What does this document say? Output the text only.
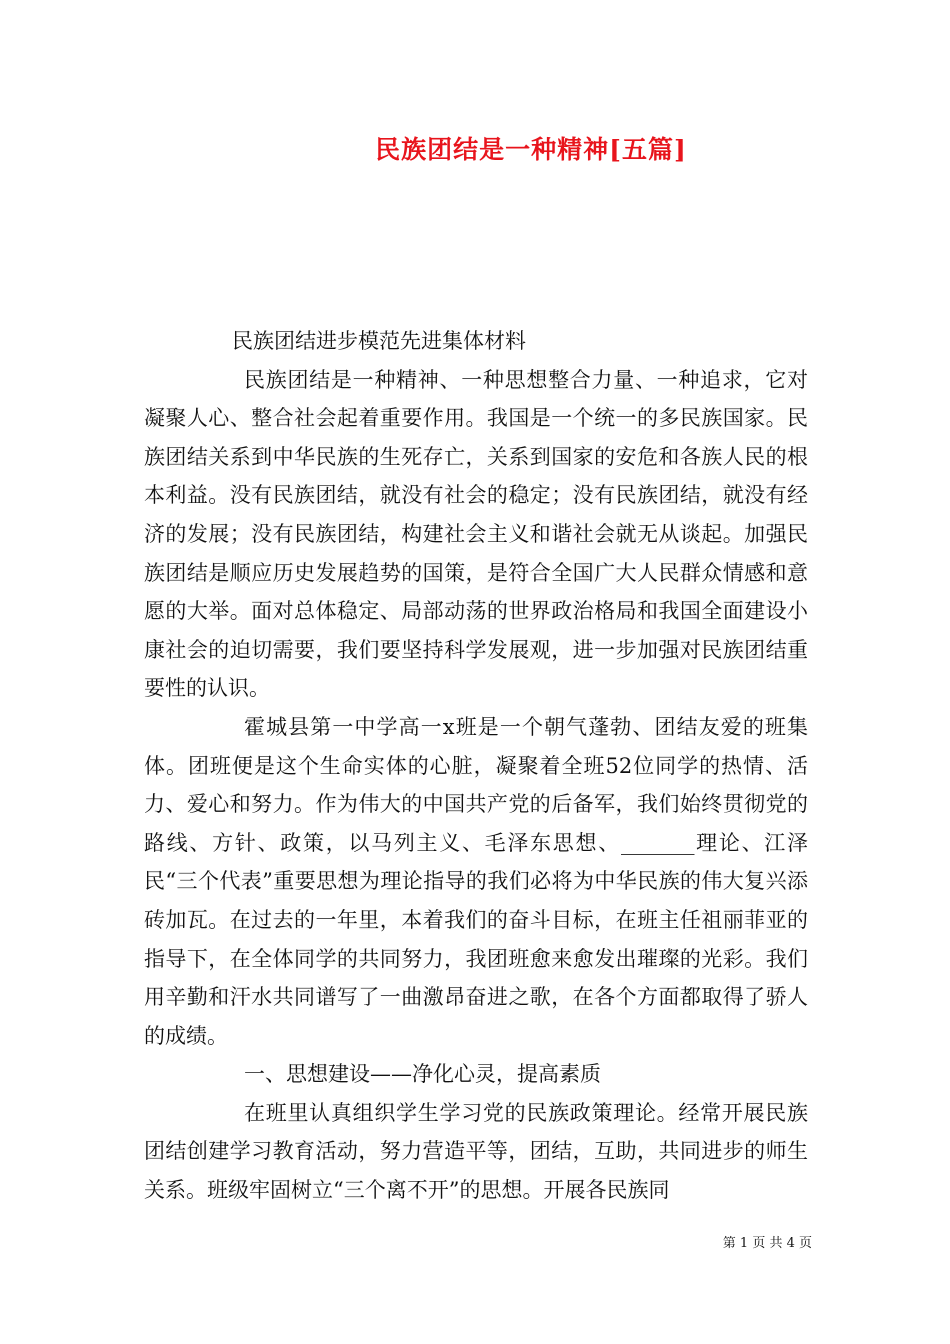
民族团结是一种精神[五篇]

民族团结进步模范先进集体材料

民族团结是一种精神、一种思想整合力量、一种追求，它对凝聚人心、整合社会起着重要作用。我国是一个统一的多民族国家。民族团结关系到中华民族的生死存亡，关系到国家的安危和各族人民的根本利益。没有民族团结，就没有社会的稳定；没有民族团结，就没有经济的发展；没有民族团结，构建社会主义和谐社会就无从谈起。加强民族团结是顺应历史发展趋势的国策，是符合全国广大人民群众情感和意愿的大举。面对总体稳定、局部动荡的世界政治格局和我国全面建设小康社会的迫切需要，我们要坚持科学发展观，进一步加强对民族团结重要性的认识。

霍城县第一中学高一x班是一个朝气蓬勃、团结友爱的班集体。团班便是这个生命实体的心脏，凝聚着全班52位同学的热情、活力、爱心和努力。作为伟大的中国共产党的后备军，我们始终贯彻党的路线、方针、政策，以马列主义、毛泽东思想、_______理论、江泽民“三个代表”重要思想为理论指导的我们必将为中华民族的伟大复兴添砖加瓦。在过去的一年里，本着我们的奋斗目标，在班主任祖丽菲亚的指导下，在全体同学的共同努力，我团班愈来愈发出璀璨的光彩。我们用辛勤和汗水共同谱写了一曲激昂奋进之歌，在各个方面都取得了骄人的成绩。

一、思想建设——净化心灵，提高素质

在班里认真组织学生学习党的民族政策理论。经常开展民族团结创建学习教育活动，努力营造平等，团结，互助，共同进步的师生关系。班级牢固树立“三个离不开”的思想。开展各民族同

第 1 页 共 4 页
